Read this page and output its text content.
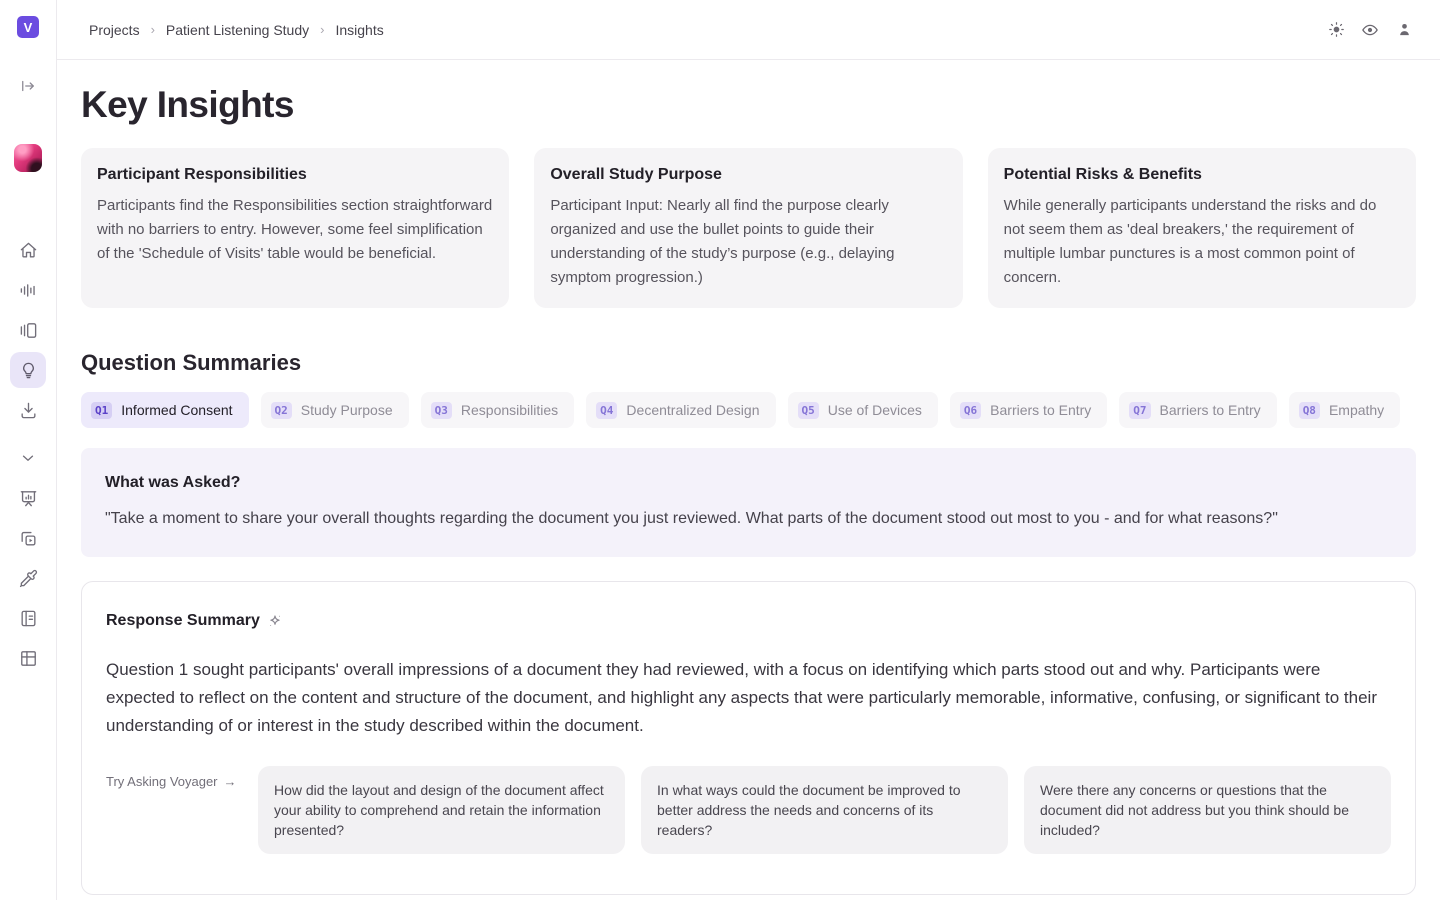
V	Projects › Patient Listening Study › Insights
Key Insights
Participant Responsibilities

Participants find the Responsibilities section straightforward with no barriers to entry. However, some feel simplification of the 'Schedule of Visits' table would be beneficial.

Overall Study Purpose

Participant Input: Nearly all find the purpose clearly organized and use the bullet points to guide their understanding of the study’s purpose (e.g., delaying symptom progression.)

Potential Risks & Benefits

While generally participants understand the risks and do not seem them as 'deal breakers,' the requirement of multiple lumbar punctures is a most common point of concern.

Question Summaries
Q1 Informed Consent	Q2 Study Purpose	Q3 Responsibilities	Q4 Decentralized Design	Q5 Use of Devices	Q6 Barriers to Entry	Q7 Barriers to Entry	Q8 Empathy
What was Asked?

"Take a moment to share your overall thoughts regarding the document you just reviewed. What parts of the document stood out most to you - and for what reasons?"

Response Summary

Question 1 sought participants' overall impressions of a document they had reviewed, with a focus on identifying which parts stood out and why. Participants were expected to reflect on the content and structure of the document, and highlight any aspects that were particularly memorable, informative, confusing, or significant to their understanding of or interest in the study described within the document.

Try Asking Voyager →
How did the layout and design of the document affect your ability to comprehend and retain the information presented?
In what ways could the document be improved to better address the needs and concerns of its readers?
Were there any concerns or questions that the document did not address but you think should be included?
